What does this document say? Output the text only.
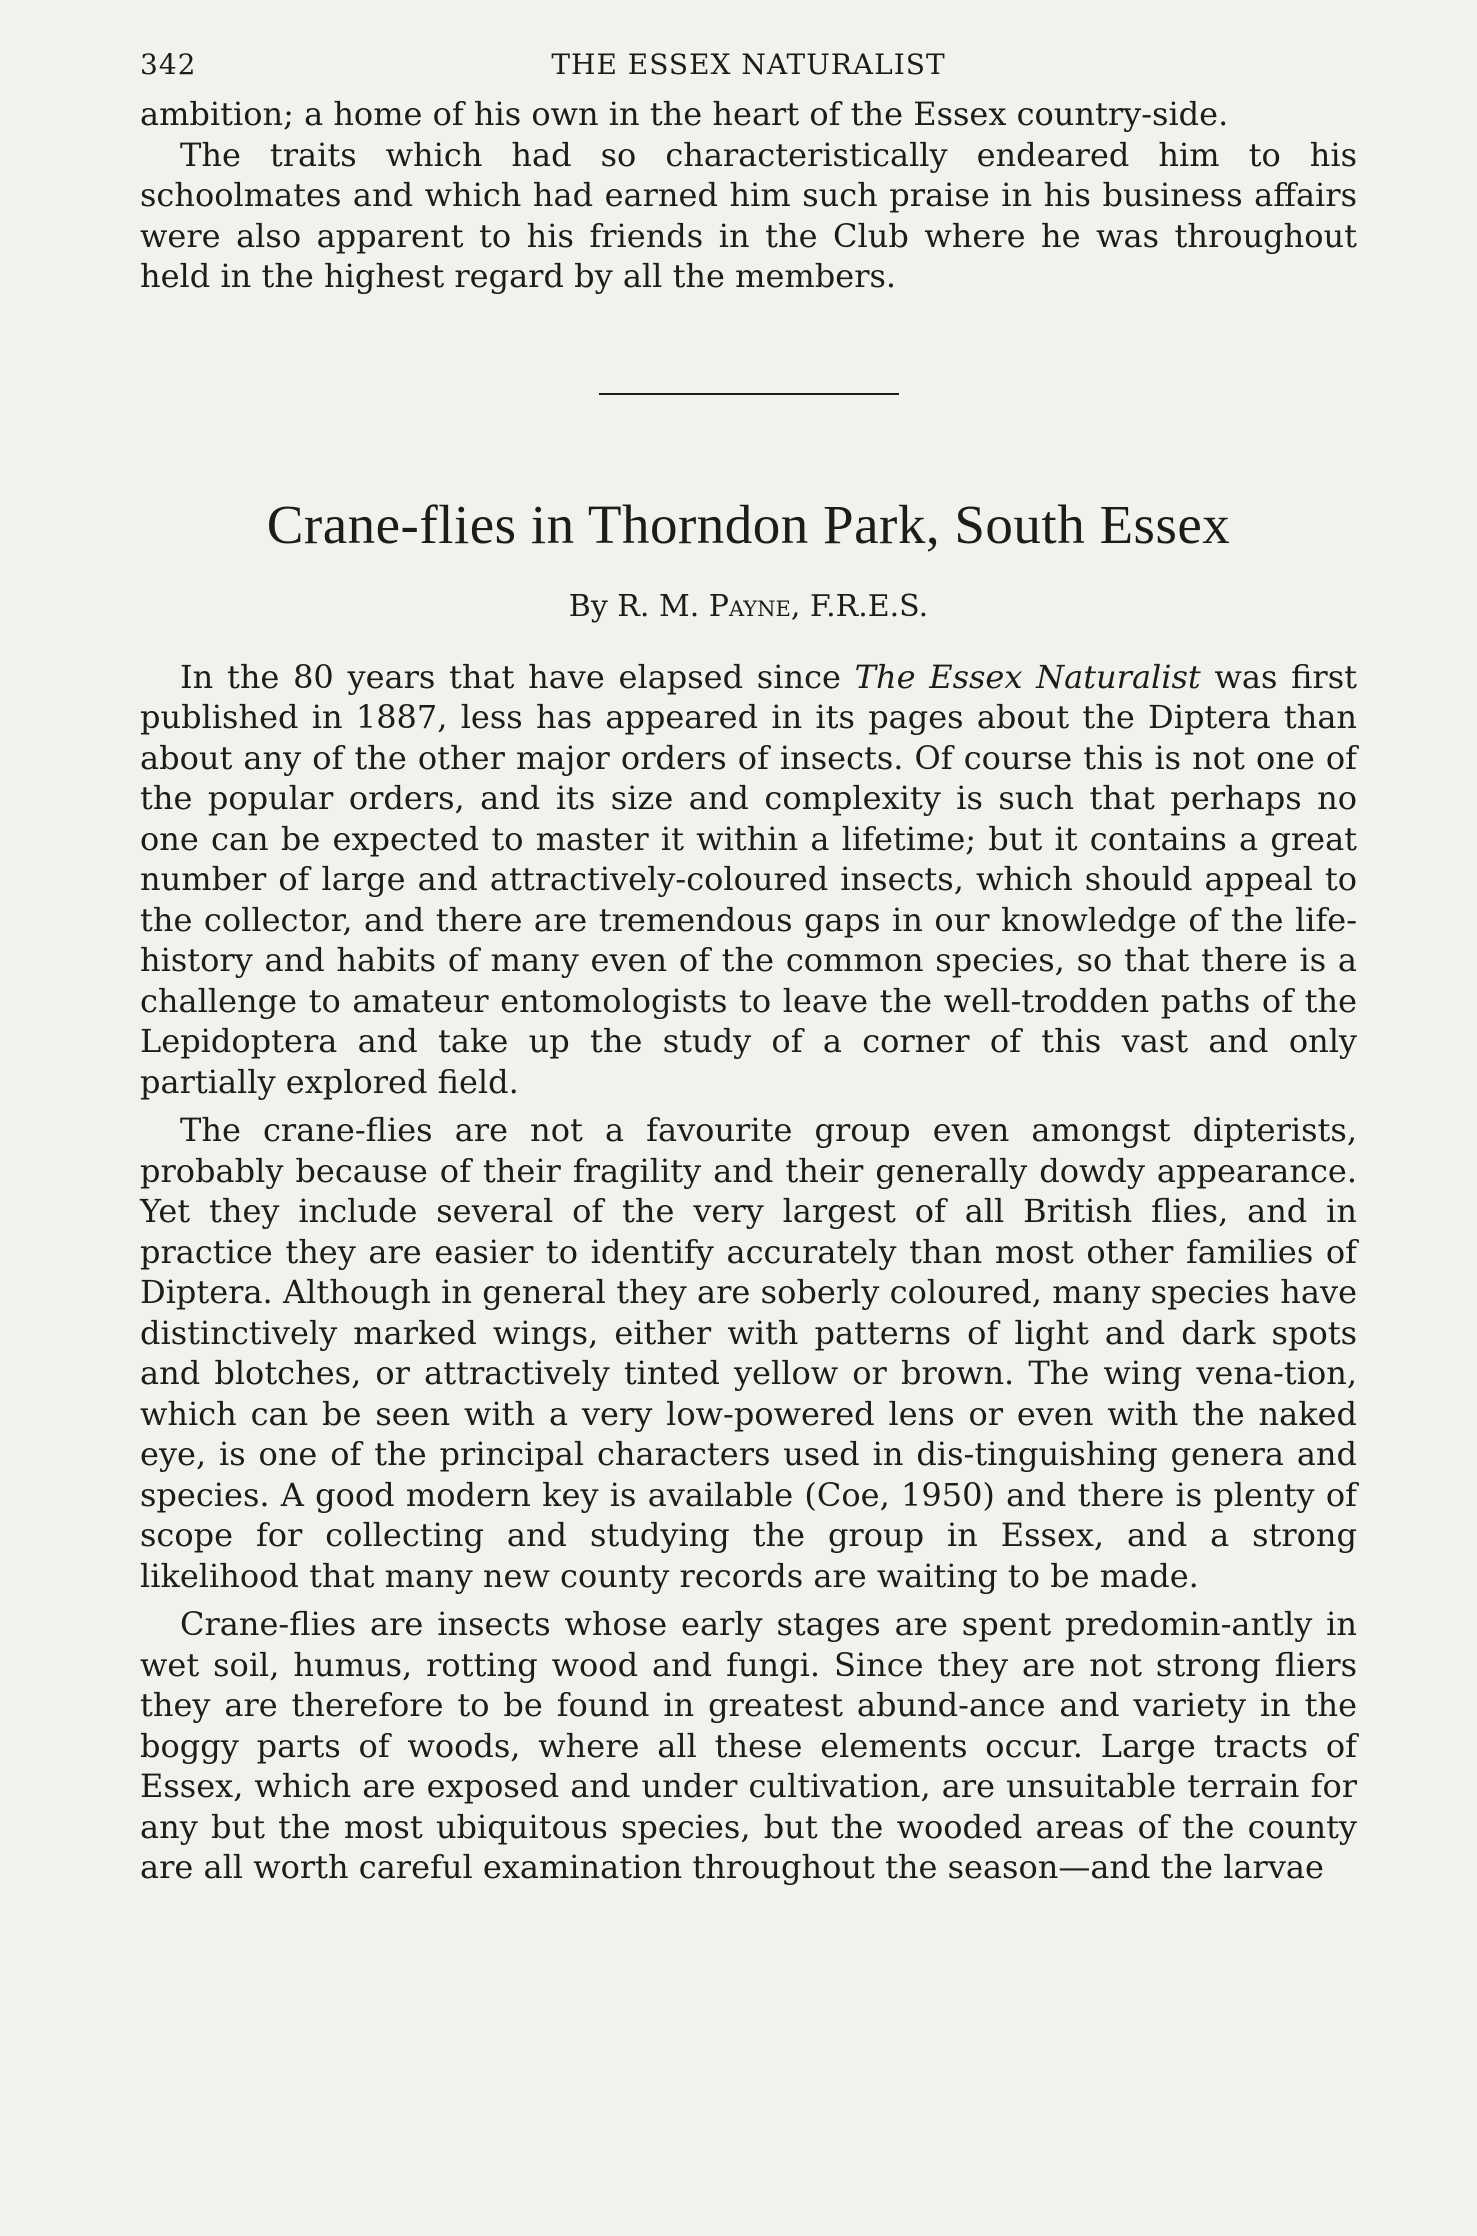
342	THE ESSEX NATURALIST

ambition; a home of his own in the heart of the Essex country-side.

The traits which had so characteristically endeared him to his schoolmates and which had earned him such praise in his business affairs were also apparent to his friends in the Club where he was throughout held in the highest regard by all the members.

Crane-flies in Thorndon Park, South Essex
By R. M. Payne, F.R.E.S.

In the 80 years that have elapsed since The Essex Naturalist was first published in 1887, less has appeared in its pages about the Diptera than about any of the other major orders of insects. Of course this is not one of the popular orders, and its size and complexity is such that perhaps no one can be expected to master it within a lifetime; but it contains a great number of large and attractively-coloured insects, which should appeal to the collector, and there are tremendous gaps in our knowledge of the life-history and habits of many even of the common species, so that there is a challenge to amateur entomologists to leave the well-trodden paths of the Lepidoptera and take up the study of a corner of this vast and only partially explored field.

The crane-flies are not a favourite group even amongst dipterists, probably because of their fragility and their generally dowdy appearance. Yet they include several of the very largest of all British flies, and in practice they are easier to identify accurately than most other families of Diptera. Although in general they are soberly coloured, many species have distinctively marked wings, either with patterns of light and dark spots and blotches, or attractively tinted yellow or brown. The wing vena-tion, which can be seen with a very low-powered lens or even with the naked eye, is one of the principal characters used in dis-tinguishing genera and species. A good modern key is available (Coe, 1950) and there is plenty of scope for collecting and studying the group in Essex, and a strong likelihood that many new county records are waiting to be made.

Crane-flies are insects whose early stages are spent predomin-antly in wet soil, humus, rotting wood and fungi. Since they are not strong fliers they are therefore to be found in greatest abund-ance and variety in the boggy parts of woods, where all these elements occur. Large tracts of Essex, which are exposed and under cultivation, are unsuitable terrain for any but the most ubiquitous species, but the wooded areas of the county are all worth careful examination throughout the season—and the larvae
